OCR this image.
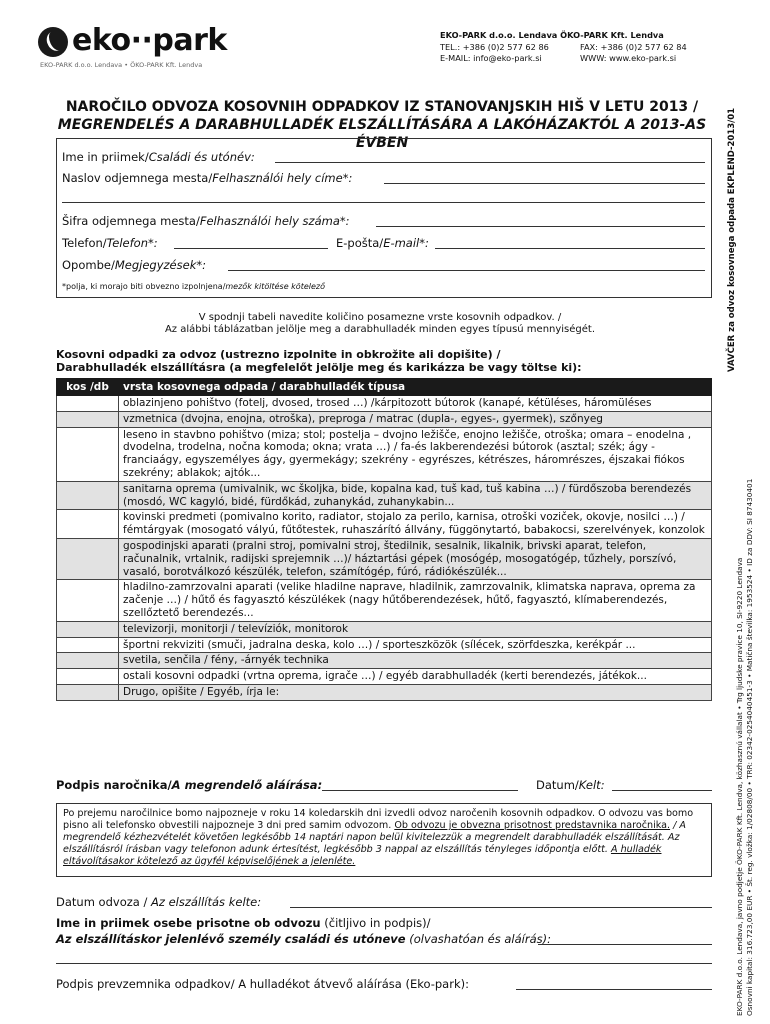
eko··park
EKO-PARK d.o.o. Lendava • ÖKO-PARK Kft. Lendva
EKO-PARK d.o.o. Lendava ÖKO-PARK Kft. Lendva
TEL.: +386 (0)2 577 62 86	FAX: +386 (0)2 577 62 84
E-MAIL: info@eko-park.si	WWW: www.eko-park.si
VAVČER za odvoz kosovnega odpada EKPLEND-2013/01
EKO-PARK d.o.o. Lendava, javno podjetje ÖKO-PARK Kft. Lendva, közhasznú vállalat • Trg ljudske pravice 10, SI-9220 Lendava Osnovni kapital: 316.723,00 EUR • Št. reg. vložka: 1/02808/00 • TRR: 02342-0254040451-3 • Matična številka: 1953524 • ID za DDV: SI 87430401
NAROČILO ODVOZA KOSOVNIH ODPADKOV IZ STANOVANJSKIH HIŠ V LETU 2013 /
MEGRENDELÉS A DARABHULLADÉK ELSZÁLLÍTÁSÁRA A LAKÓHÁZAKTÓL A 2013-AS ÉVBEN
Ime in priimek/Családi és utónév:
Naslov odjemnega mesta/Felhasználói hely címe*:
Šifra odjemnega mesta/Felhasználói hely száma*:
Telefon/Telefon*:	E-pošta/E-mail*:
Opombe/Megjegyzések*:
*polja, ki morajo biti obvezno izpolnjena/mezők kitöltése kötelező
V spodnji tabeli navedite količino posamezne vrste kosovnih odpadkov. /
Az alábbi táblázatban jelölje meg a darabhulladék minden egyes típusú mennyiségét.
Kosovni odpadki za odvoz (ustrezno izpolnite in obkrožite ali dopišite) /
Darabhulladék elszállításra (a megfelelőt jelölje meg és karikázza be vagy töltse ki):
kos /db	vrsta kosovnega odpada / darabhulladék típusa
	oblazinjeno pohištvo (fotelj, dvosed, trosed …) /kárpitozott bútorok (kanapé, kétüléses, háromüléses
	vzmetnica (dvojna, enojna, otroška), preproga / matrac (dupla-, egyes-, gyermek), szőnyeg
	leseno in stavbno pohištvo (miza; stol; postelja – dvojno ležišče, enojno ležišče, otroška; omara – enodelna , dvodelna, trodelna, nočna komoda; okna; vrata …) / fa-és lakberendezési bútorok (asztal; szék; ágy - franciaágy, egyszemélyes ágy, gyermekágy; szekrény - egyrészes, kétrészes, háromrészes, éjszakai fiókos szekrény; ablakok; ajtók...
	sanitarna oprema (umivalnik, wc školjka, bide, kopalna kad, tuš kad, tuš kabina …) / fürdőszoba berendezés (mosdó, WC kagyló, bidé, fürdőkád, zuhanykád, zuhanykabin...
	kovinski predmeti (pomivalno korito, radiator, stojalo za perilo, karnisa, otroški voziček, okovje, nosilci …) / fémtárgyak (mosogató vályú, fűtőtestek, ruhaszárító állvány, függönytartó, babakocsi, szerelvények, konzolok
	gospodinjski aparati (pralni stroj, pomivalni stroj, štedilnik, sesalnik, likalnik, brivski aparat, telefon, računalnik, vrtalnik, radijski sprejemnik …)/ háztartási gépek (mosógép, mosogatógép, tűzhely, porszívó, vasaló, borotválkozó készülék, telefon, számítógép, fúró, rádiókészülék...
	hladilno-zamrzovalni aparati (velike hladilne naprave, hladilnik, zamrzovalnik, klimatska naprava, oprema za začenje …) / hűtő és fagyasztó készülékek (nagy hűtőberendezések, hűtő, fagyasztó, klímaberendezés, szellőztető berendezés...
	televizorji, monitorji / televíziók, monitorok
	športni rekviziti (smuči, jadralna deska, kolo …) / sporteszközök (sílécek, szörfdeszka, kerékpár ...
	svetila, senčila / fény, -árnyék technika
	ostali kosovni odpadki (vrtna oprema, igrače …) / egyéb darabhulladék (kerti berendezés, játékok...
	Drugo, opišite / Egyéb, írja le:
Podpis naročnika/A megrendelő aláírása:	Datum/Kelt:
Po prejemu naročilnice bomo najpozneje v roku 14 koledarskih dni izvedli odvoz naročenih kosovnih odpadkov. O odvozu vas bomo pisno ali telefonsko obvestili najpozneje 3 dni pred samim odvozom. Ob odvozu je obvezna prisotnost predstavnika naročnika. / A megrendelő kézhezvételét követően legkésőbb 14 naptári napon belül kivitelezzük a megrendelt darabhulladék elszállítását. Az elszállításról írásban vagy telefonon adunk értesítést, legkésőbb 3 nappal az elszállítás tényleges időpontja előtt. A hulladék eltávolításakor kötelező az ügyfél képviselőjének a jelenléte.
Datum odvoza / Az elszállítás kelte:
Ime in priimek osebe prisotne ob odvozu (čitljivo in podpis)/
Az elszállításkor jelenlévő személy családi és utóneve (olvashatóan és aláírás):
Podpis prevzemnika odpadkov/ A hulladékot átvevő aláírása (Eko-park):
